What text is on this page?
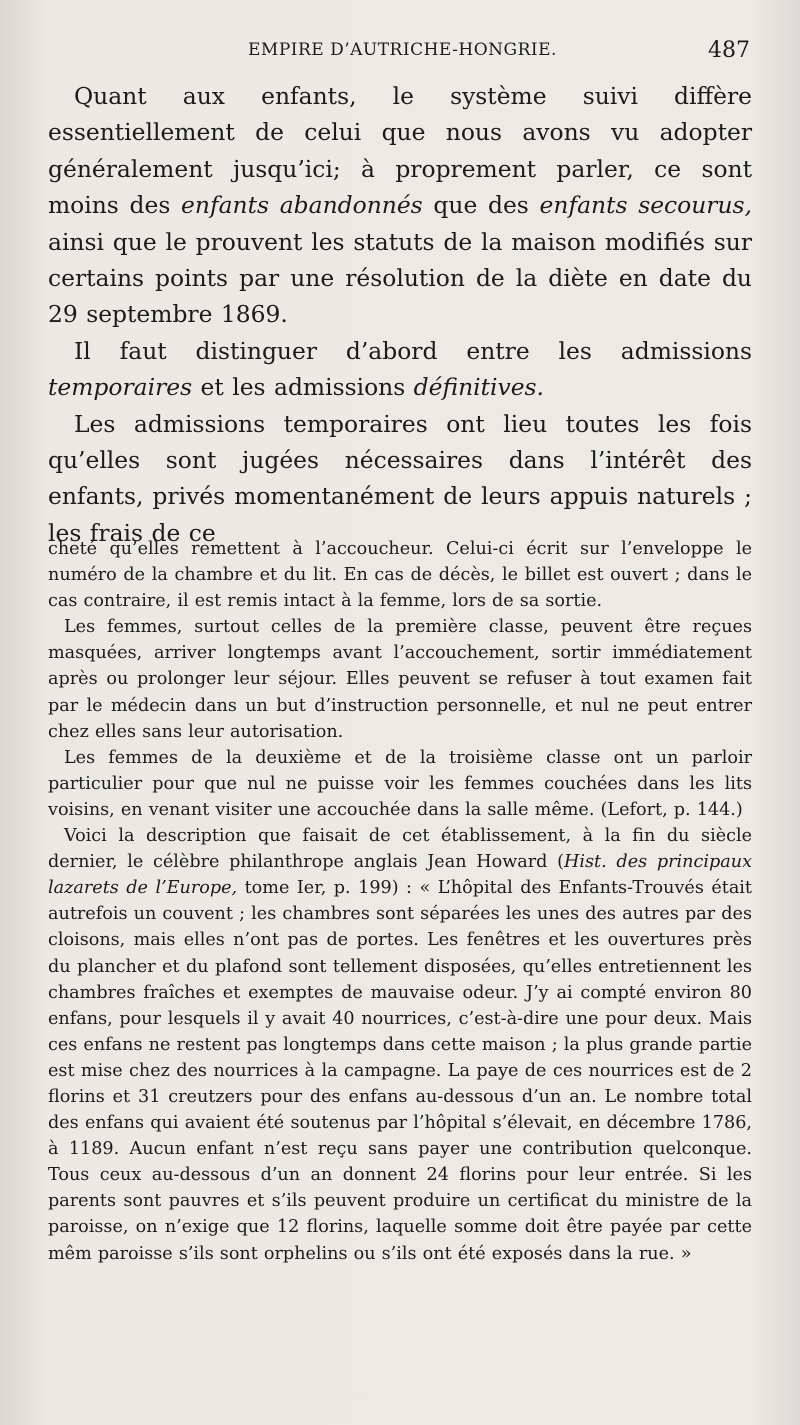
EMPIRE D’AUTRICHE-HONGRIE.	487

Quant aux enfants, le système suivi diffère essentiellement de celui que nous avons vu adopter généralement jusqu’ici; à proprement parler, ce sont moins des enfants abandonnés que des enfants secourus, ainsi que le prouvent les statuts de la maison modifiés sur certains points par une résolution de la diète en date du 29 septembre 1869.

Il faut distinguer d’abord entre les admissions temporaires et les admissions définitives.

Les admissions temporaires ont lieu toutes les fois qu’elles sont jugées nécessaires dans l’intérêt des enfants, privés momentanément de leurs appuis naturels ; les frais de ce

cheté qu’elles remettent à l’accoucheur. Celui-ci écrit sur l’enveloppe le numéro de la chambre et du lit. En cas de décès, le billet est ouvert ; dans le cas contraire, il est remis intact à la femme, lors de sa sortie.

Les femmes, surtout celles de la première classe, peuvent être reçues masquées, arriver longtemps avant l’accouchement, sortir immédiatement après ou prolonger leur séjour. Elles peuvent se refuser à tout examen fait par le médecin dans un but d’instruction personnelle, et nul ne peut entrer chez elles sans leur autorisation.

Les femmes de la deuxième et de la troisième classe ont un parloir particulier pour que nul ne puisse voir les femmes couchées dans les lits voisins, en venant visiter une accouchée dans la salle même. (Lefort, p. 144.)

Voici la description que faisait de cet établissement, à la fin du siècle dernier, le célèbre philanthrope anglais Jean Howard (Hist. des principaux lazarets de l’Europe, tome Ier, p. 199) : « L’hôpital des Enfants-Trouvés était autrefois un couvent ; les chambres sont séparées les unes des autres par des cloisons, mais elles n’ont pas de portes. Les fenêtres et les ouvertures près du plancher et du plafond sont tellement disposées, qu’elles entretiennent les chambres fraîches et exemptes de mauvaise odeur. J’y ai compté environ 80 enfans, pour lesquels il y avait 40 nourrices, c’est-à-dire une pour deux. Mais ces enfans ne restent pas longtemps dans cette maison ; la plus grande partie est mise chez des nourrices à la campagne. La paye de ces nourrices est de 2 florins et 31 creutzers pour des enfans au-dessous d’un an. Le nombre total des enfans qui avaient été soutenus par l’hôpital s’élevait, en décembre 1786, à 1189. Aucun enfant n’est reçu sans payer une contribution quelconque. Tous ceux au-dessous d’un an donnent 24 florins pour leur entrée. Si les parents sont pauvres et s’ils peuvent produire un certificat du ministre de la paroisse, on n’exige que 12 florins, laquelle somme doit être payée par cette mêm paroisse s’ils sont orphelins ou s’ils ont été exposés dans la rue. »
